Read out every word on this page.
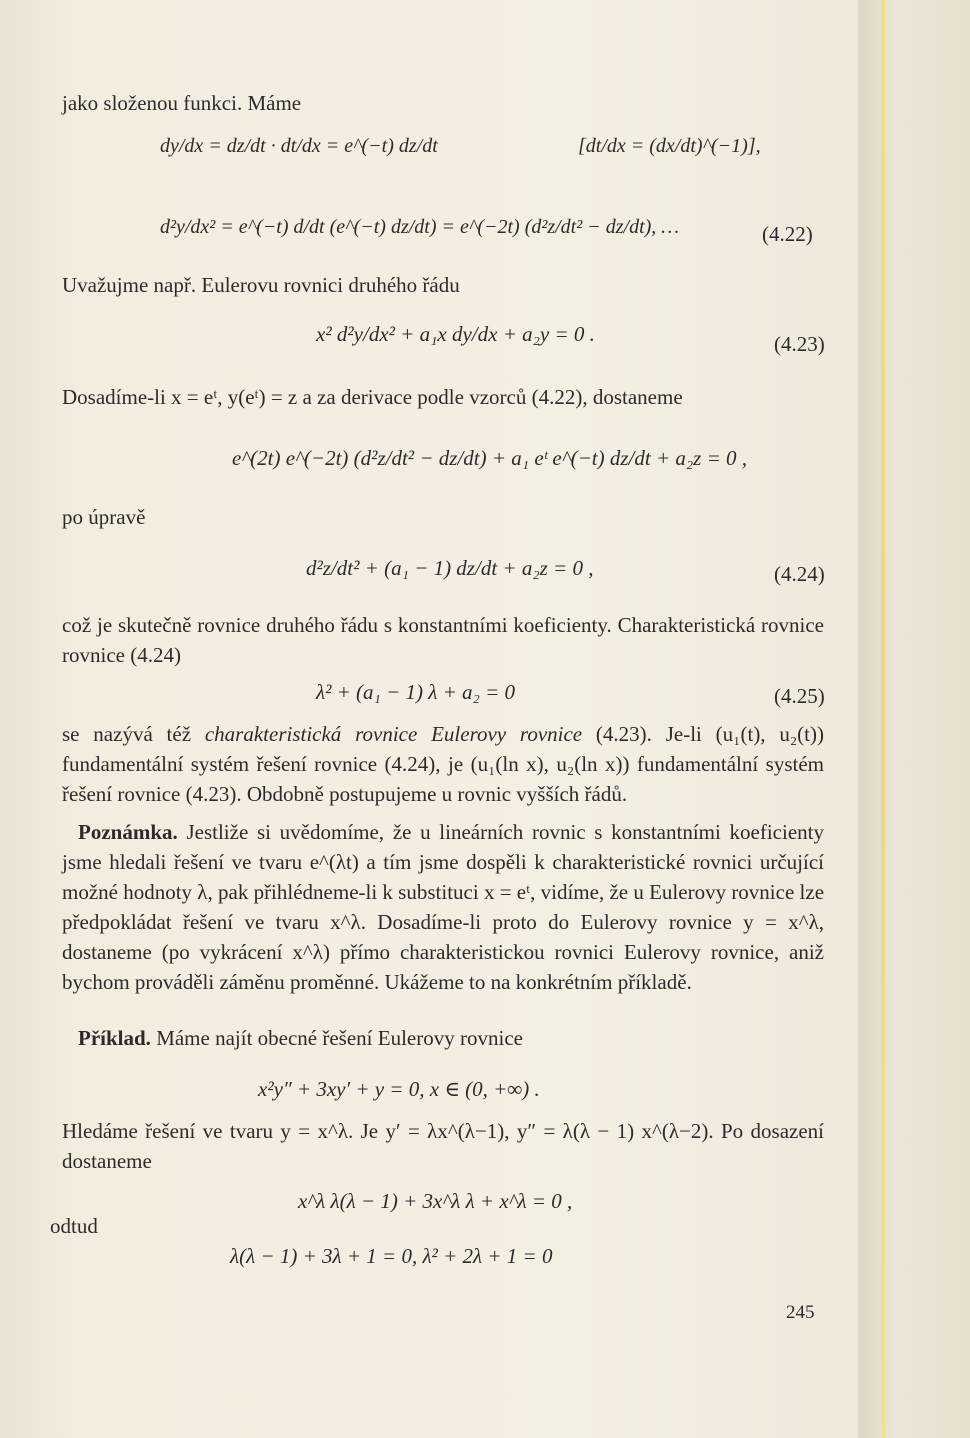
jako složenou funkci. Máme
dy/dx = dz/dt · dt/dx = e^(−t) dz/dt	[dt/dx = (dx/dt)^(−1)],
d²y/dx² = e^(−t) d/dt (e^(−t) dz/dt) = e^(−2t) (d²z/dt² − dz/dt), …	(4.22)
Uvažujme např. Eulerovu rovnici druhého řádu
x² d²y/dx² + a₁x dy/dx + a₂y = 0 .	(4.23)
Dosadíme-li x = eᵗ, y(eᵗ) = z a za derivace podle vzorců (4.22), dostaneme
e^(2t) e^(−2t) (d²z/dt² − dz/dt) + a₁ eᵗ e^(−t) dz/dt + a₂z = 0 ,
po úpravě
d²z/dt² + (a₁ − 1) dz/dt + a₂z = 0 ,	(4.24)
což je skutečně rovnice druhého řádu s konstantními koeficienty. Charakteristická rovnice rovnice (4.24)
λ² + (a₁ − 1) λ + a₂ = 0	(4.25)
se nazývá též charakteristická rovnice Eulerovy rovnice (4.23). Je-li (u₁(t), u₂(t)) fundamentální systém řešení rovnice (4.24), je (u₁(ln x), u₂(ln x)) fundamentální systém řešení rovnice (4.23). Obdobně postupujeme u rovnic vyšších řádů.
Poznámka. Jestliže si uvědomíme, že u lineárních rovnic s konstantními koeficienty jsme hledali řešení ve tvaru e^(λt) a tím jsme dospěli k charakteristické rovnici určující možné hodnoty λ, pak přihlédneme-li k substituci x = eᵗ, vidíme, že u Eulerovy rovnice lze předpokládat řešení ve tvaru x^λ. Dosadíme-li proto do Eulerovy rovnice y = x^λ, dostaneme (po vykrácení x^λ) přímo charakteristickou rovnici Eulerovy rovnice, aniž bychom prováděli záměnu proměnné. Ukážeme to na konkrétním příkladě.
Příklad. Máme najít obecné řešení Eulerovy rovnice
x²y″ + 3xy′ + y = 0, x ∈ (0, +∞) .
Hledáme řešení ve tvaru y = x^λ. Je y′ = λx^(λ−1), y″ = λ(λ − 1) x^(λ−2). Po dosazení dostaneme
x^λ λ(λ − 1) + 3x^λ λ + x^λ = 0 ,
odtud
λ(λ − 1) + 3λ + 1 = 0, λ² + 2λ + 1 = 0
245
